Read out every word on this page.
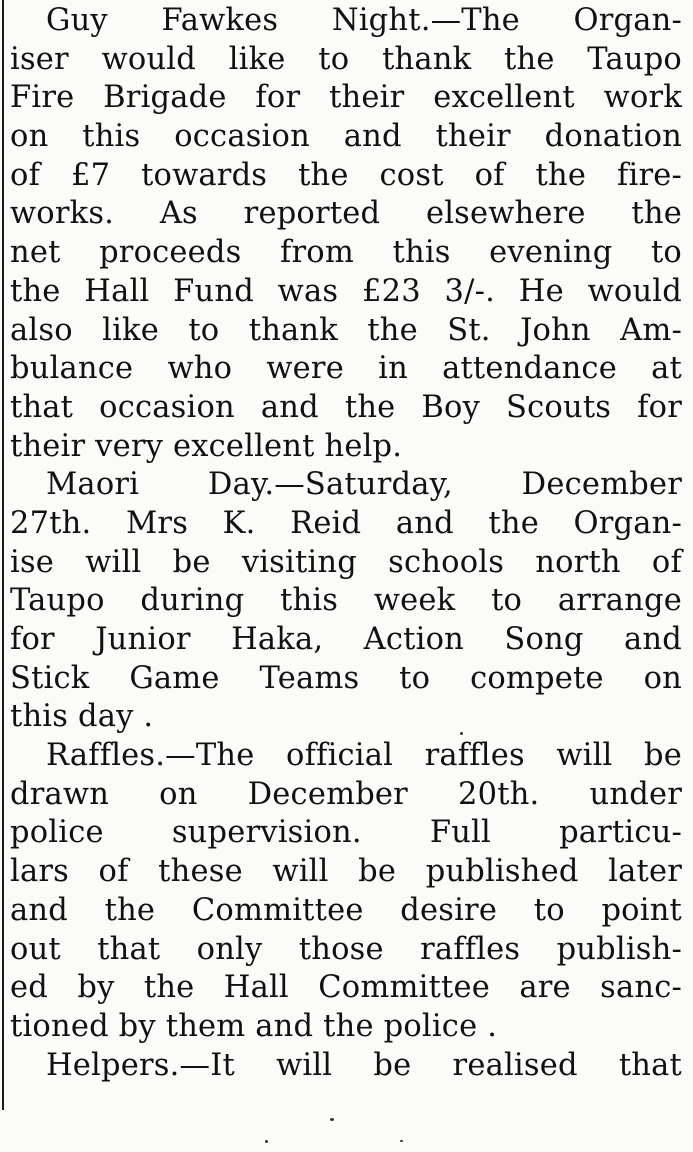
Guy Fawkes Night.—The Organ-
iser would like to thank the Taupo
Fire Brigade for their excellent work
on this occasion and their donation
of £7 towards the cost of the fire-
works. As reported elsewhere the
net proceeds from this evening to
the Hall Fund was £23 3/-. He would
also like to thank the St. John Am-
bulance who were in attendance at
that occasion and the Boy Scouts for
their very excellent help.
Maori Day.—Saturday, December
27th. Mrs K. Reid and the Organ-
ise will be visiting schools north of
Taupo during this week to arrange
for Junior Haka, Action Song and
Stick Game Teams to compete on
this day .
Raffles.—The official raffles will be
drawn on December 20th. under
police supervision. Full particu-
lars of these will be published later
and the Committee desire to point
out that only those raffles publish-
ed by the Hall Committee are sanc-
tioned by them and the police .
Helpers.—It will be realised that
